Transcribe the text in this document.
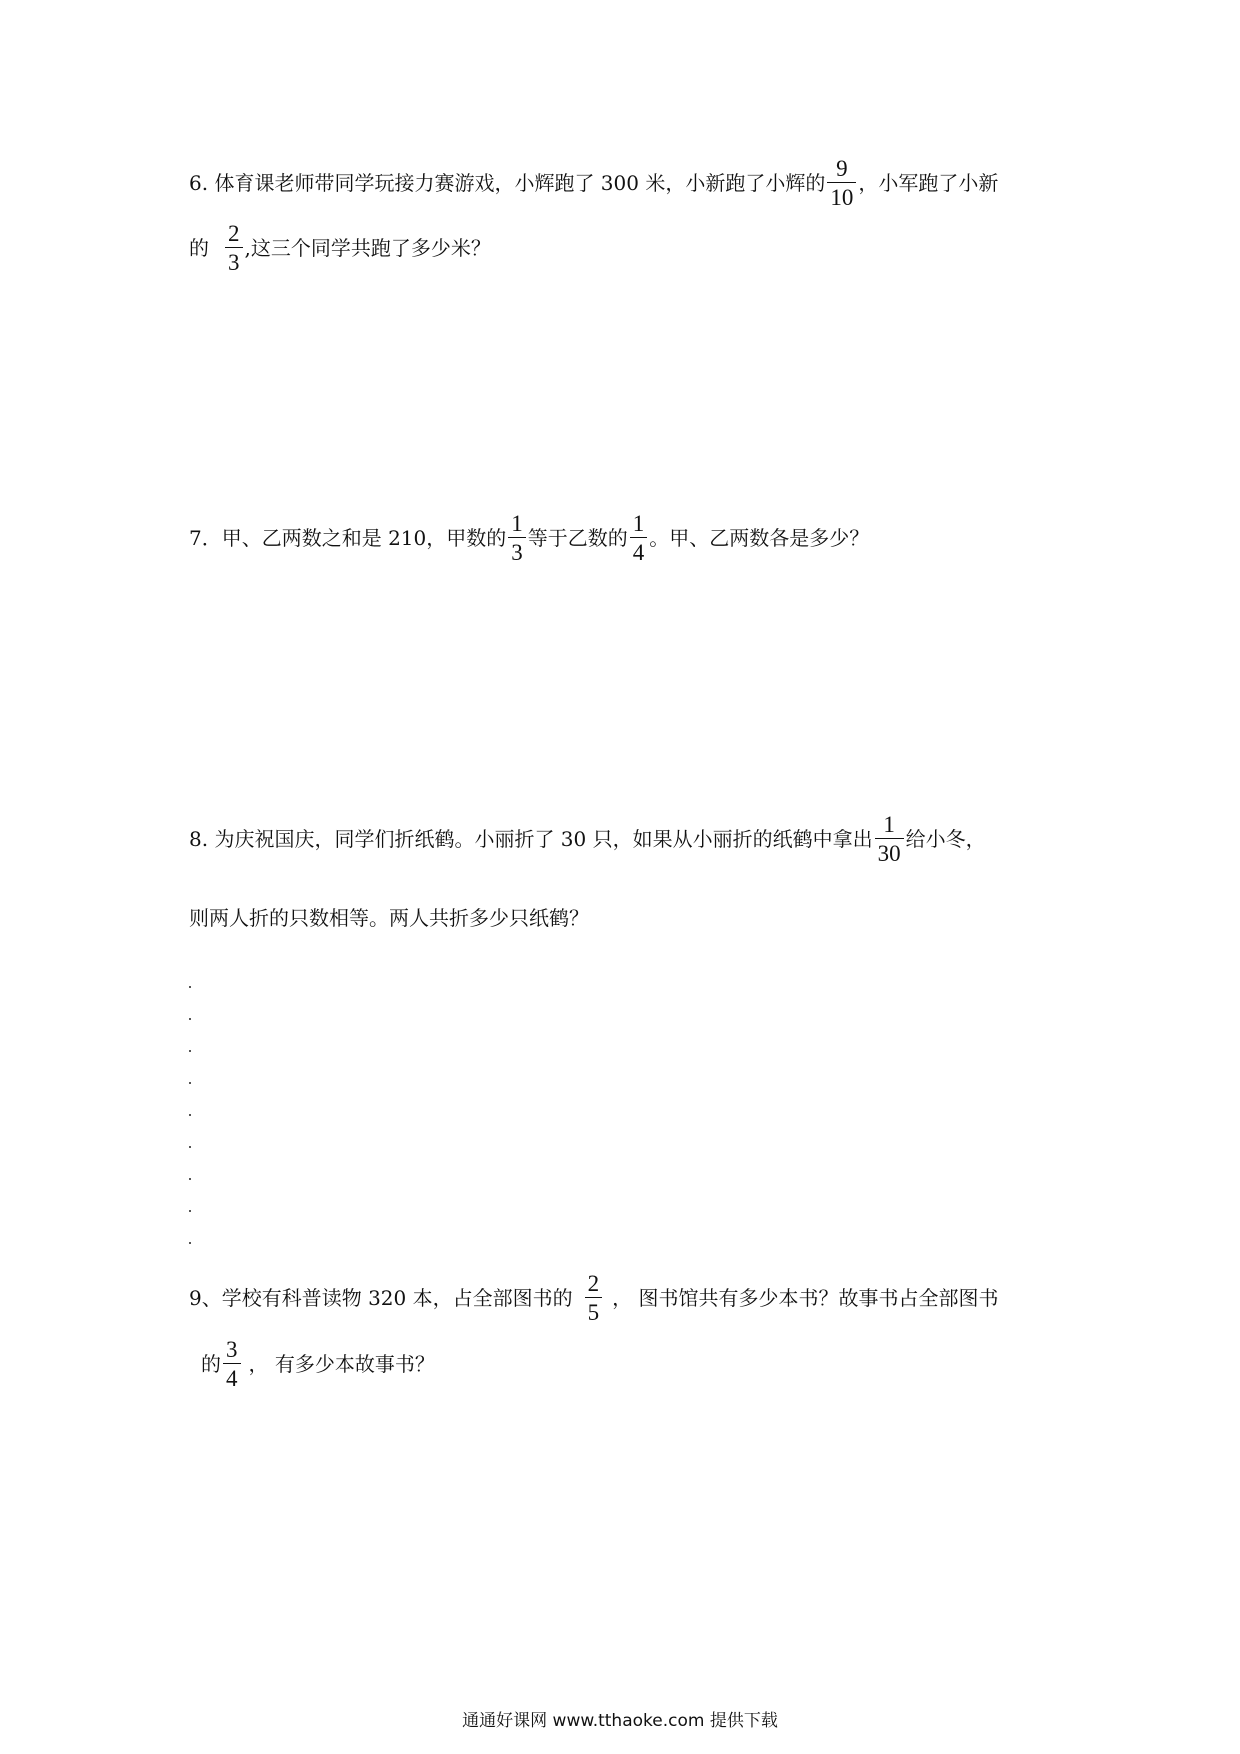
6. 体育课老师带同学玩接力赛游戏，小辉跑了 300 米，小新跑了小辉的 $\frac{9}{10}$ ，小军跑了小新
的 $\frac{2}{3}$ ,这三个同学共跑了多少米？
7．甲、乙两数之和是 210，甲数的 $\frac{1}{3}$ 等于乙数的 $\frac{1}{4}$ 。甲、乙两数各是多少？
8. 为庆祝国庆，同学们折纸鹤。小丽折了 30 只，如果从小丽折的纸鹤中拿出 $\frac{1}{30}$ 给小冬，
则两人折的只数相等。两人共折多少只纸鹤？
9、学校有科普读物 320 本，占全部图书的 $\frac{2}{5}$ ， 图书馆共有多少本书？故事书占全部图书
的 $\frac{3}{4}$ ， 有多少本故事书？
通通好课网 www.tthaoke.com 提供下载
